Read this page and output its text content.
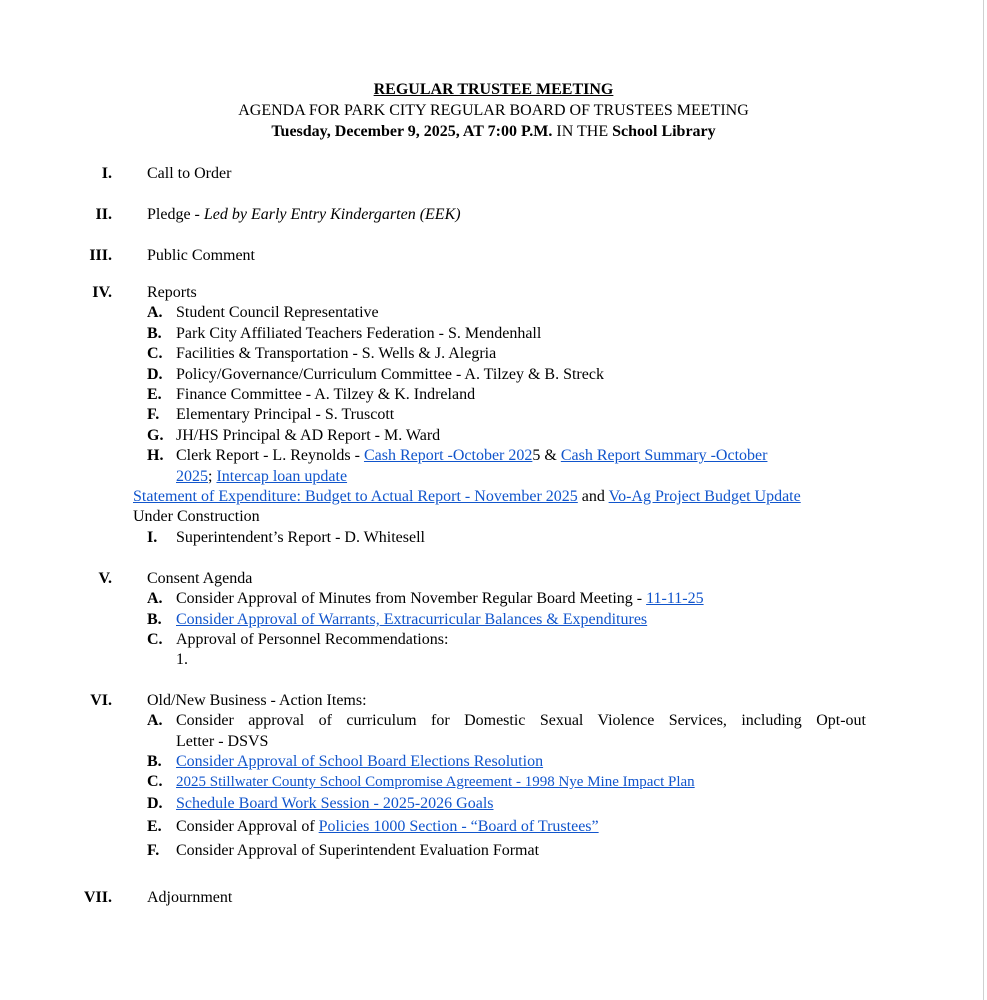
REGULAR TRUSTEE MEETING
AGENDA FOR PARK CITY REGULAR BOARD OF TRUSTEES MEETING
Tuesday, December 9, 2025, AT 7:00 P.M. IN THE School Library
I. Call to Order
II. Pledge - Led by Early Entry Kindergarten (EEK)
III. Public Comment
IV. Reports
A. Student Council Representative
B. Park City Affiliated Teachers Federation - S. Mendenhall
C. Facilities & Transportation - S. Wells & J. Alegria
D. Policy/Governance/Curriculum Committee - A. Tilzey & B. Streck
E. Finance Committee - A. Tilzey & K. Indreland
F. Elementary Principal - S. Truscott
G. JH/HS Principal & AD Report - M. Ward
H. Clerk Report - L. Reynolds - Cash Report -October 2025 & Cash Report Summary -October
2025; Intercap loan update
Statement of Expenditure: Budget to Actual Report - November 2025 and Vo-Ag Project Budget Update
Under Construction
I. Superintendent’s Report - D. Whitesell
V. Consent Agenda
A. Consider Approval of Minutes from November Regular Board Meeting - 11-11-25
B. Consider Approval of Warrants, Extracurricular Balances & Expenditures
C. Approval of Personnel Recommendations:
1.
VI. Old/New Business - Action Items:
A. Consider approval of curriculum for Domestic Sexual Violence Services, including Opt-out
Letter - DSVS
B. Consider Approval of School Board Elections Resolution
C. 2025 Stillwater County School Compromise Agreement - 1998 Nye Mine Impact Plan
D. Schedule Board Work Session - 2025-2026 Goals
E. Consider Approval of Policies 1000 Section - “Board of Trustees”
F. Consider Approval of Superintendent Evaluation Format
VII. Adjournment
